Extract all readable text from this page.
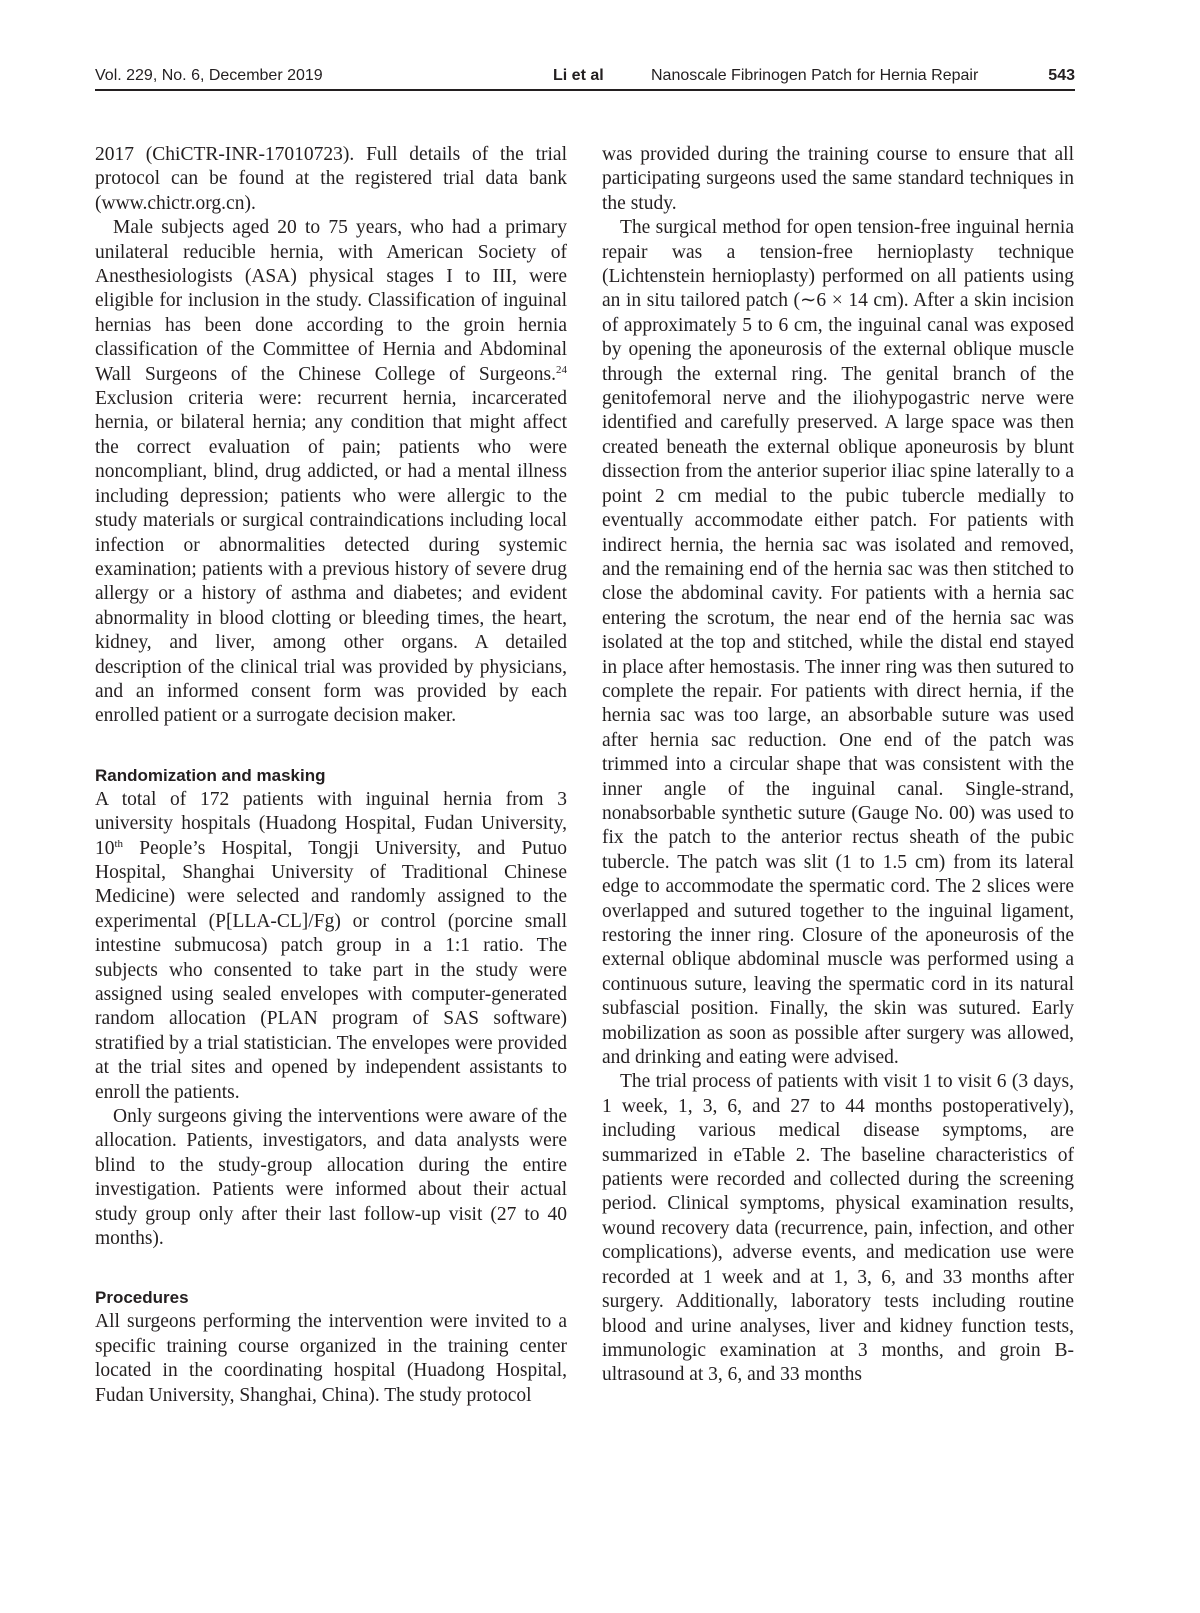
Vol. 229, No. 6, December 2019	Li et al	Nanoscale Fibrinogen Patch for Hernia Repair	543

2017 (ChiCTR-INR-17010723). Full details of the trial protocol can be found at the registered trial data bank (www.chictr.org.cn).

Male subjects aged 20 to 75 years, who had a primary unilateral reducible hernia, with American Society of Anesthesiologists (ASA) physical stages I to III, were eligible for inclusion in the study. Classification of inguinal hernias has been done according to the groin hernia classification of the Committee of Hernia and Abdominal Wall Surgeons of the Chinese College of Surgeons.$^{24}$ Exclusion criteria were: recurrent hernia, incarcerated hernia, or bilateral hernia; any condition that might affect the correct evaluation of pain; patients who were noncompliant, blind, drug addicted, or had a mental illness including depression; patients who were allergic to the study materials or surgical contraindications including local infection or abnormalities detected during systemic examination; patients with a previous history of severe drug allergy or a history of asthma and diabetes; and evident abnormality in blood clotting or bleeding times, the heart, kidney, and liver, among other organs. A detailed description of the clinical trial was provided by physicians, and an informed consent form was provided by each enrolled patient or a surrogate decision maker.

Randomization and masking

A total of 172 patients with inguinal hernia from 3 university hospitals (Huadong Hospital, Fudan University, 10th People’s Hospital, Tongji University, and Putuo Hospital, Shanghai University of Traditional Chinese Medicine) were selected and randomly assigned to the experimental (P[LLA-CL]/Fg) or control (porcine small intestine submucosa) patch group in a 1:1 ratio. The subjects who consented to take part in the study were assigned using sealed envelopes with computer-generated random allocation (PLAN program of SAS software) stratified by a trial statistician. The envelopes were provided at the trial sites and opened by independent assistants to enroll the patients.

Only surgeons giving the interventions were aware of the allocation. Patients, investigators, and data analysts were blind to the study-group allocation during the entire investigation. Patients were informed about their actual study group only after their last follow-up visit (27 to 40 months).

Procedures

All surgeons performing the intervention were invited to a specific training course organized in the training center located in the coordinating hospital (Huadong Hospital, Fudan University, Shanghai, China). The study protocol

was provided during the training course to ensure that all participating surgeons used the same standard techniques in the study.

The surgical method for open tension-free inguinal hernia repair was a tension-free hernioplasty technique (Lichtenstein hernioplasty) performed on all patients using an in situ tailored patch (∼6 × 14 cm). After a skin incision of approximately 5 to 6 cm, the inguinal canal was exposed by opening the aponeurosis of the external oblique muscle through the external ring. The genital branch of the genitofemoral nerve and the iliohypogastric nerve were identified and carefully preserved. A large space was then created beneath the external oblique aponeurosis by blunt dissection from the anterior superior iliac spine laterally to a point 2 cm medial to the pubic tubercle medially to eventually accommodate either patch. For patients with indirect hernia, the hernia sac was isolated and removed, and the remaining end of the hernia sac was then stitched to close the abdominal cavity. For patients with a hernia sac entering the scrotum, the near end of the hernia sac was isolated at the top and stitched, while the distal end stayed in place after hemostasis. The inner ring was then sutured to complete the repair. For patients with direct hernia, if the hernia sac was too large, an absorbable suture was used after hernia sac reduction. One end of the patch was trimmed into a circular shape that was consistent with the inner angle of the inguinal canal. Single-strand, nonabsorbable synthetic suture (Gauge No. 00) was used to fix the patch to the anterior rectus sheath of the pubic tubercle. The patch was slit (1 to 1.5 cm) from its lateral edge to accommodate the spermatic cord. The 2 slices were overlapped and sutured together to the inguinal ligament, restoring the inner ring. Closure of the aponeurosis of the external oblique abdominal muscle was performed using a continuous suture, leaving the spermatic cord in its natural subfascial position. Finally, the skin was sutured. Early mobilization as soon as possible after surgery was allowed, and drinking and eating were advised.

The trial process of patients with visit 1 to visit 6 (3 days, 1 week, 1, 3, 6, and 27 to 44 months postoperatively), including various medical disease symptoms, are summarized in eTable 2. The baseline characteristics of patients were recorded and collected during the screening period. Clinical symptoms, physical examination results, wound recovery data (recurrence, pain, infection, and other complications), adverse events, and medication use were recorded at 1 week and at 1, 3, 6, and 33 months after surgery. Additionally, laboratory tests including routine blood and urine analyses, liver and kidney function tests, immunologic examination at 3 months, and groin B-ultrasound at 3, 6, and 33 months
